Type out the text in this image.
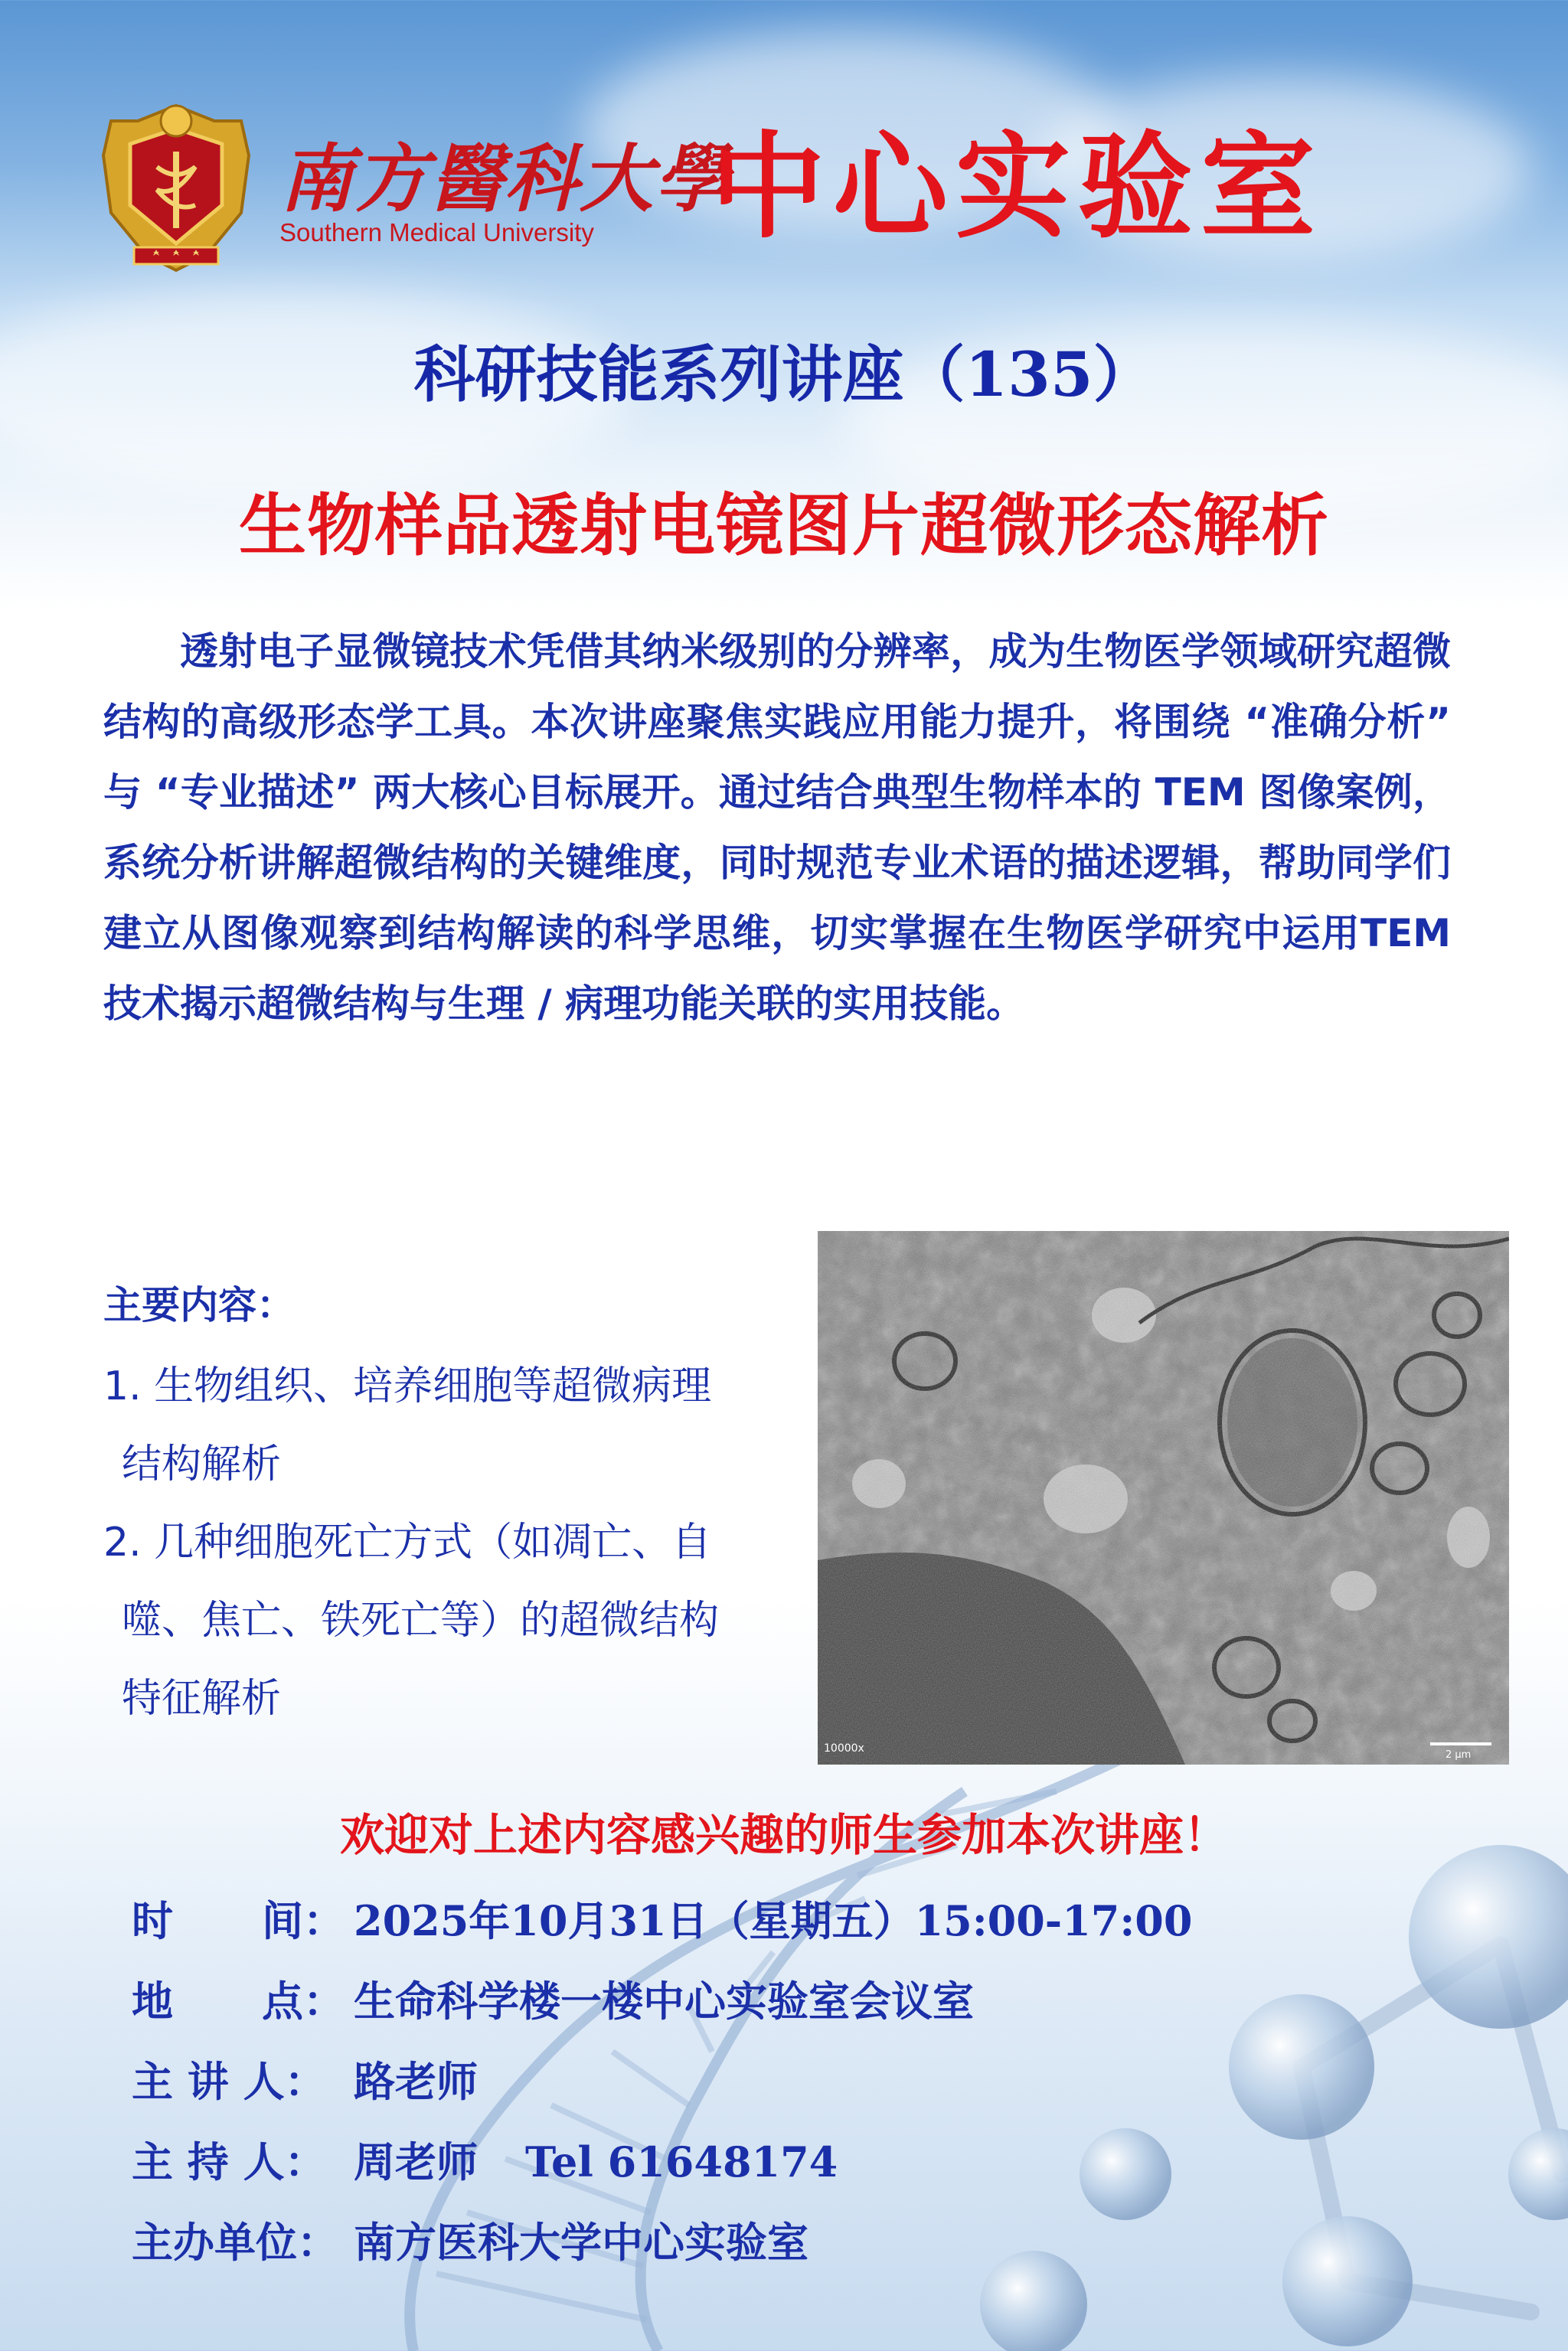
南方醫科大學
Southern Medical University 中心实验室
科研技能系列讲座（135）
生物样品透射电镜图片超微形态解析
透射电子显微镜技术凭借其纳米级别的分辨率，成为生物医学领域研究超微结构的高级形态学工具。本次讲座聚焦实践应用能力提升，将围绕 “准确分析” 与 “专业描述” 两大核心目标展开。通过结合典型生物样本的 TEM 图像案例，系统分析讲解超微结构的关键维度，同时规范专业术语的描述逻辑，帮助同学们建立从图像观察到结构解读的科学思维，切实掌握在生物医学研究中运用TEM 技术揭示超微结构与生理 / 病理功能关联的实用技能。
主要内容：
1. 生物组织、培养细胞等超微病理
结构解析
2. 几种细胞死亡方式（如凋亡、自
噬、焦亡、铁死亡等）的超微结构
特征解析
10000x
2 μm
欢迎对上述内容感兴趣的师生参加本次讲座！
时 间： 2025年10月31日（星期五）15:00-17:00
地 点： 生命科学楼一楼中心实验室会议室
主 讲 人： 路老师
主 持 人： 周老师 Tel 61648174
主办单位： 南方医科大学中心实验室
